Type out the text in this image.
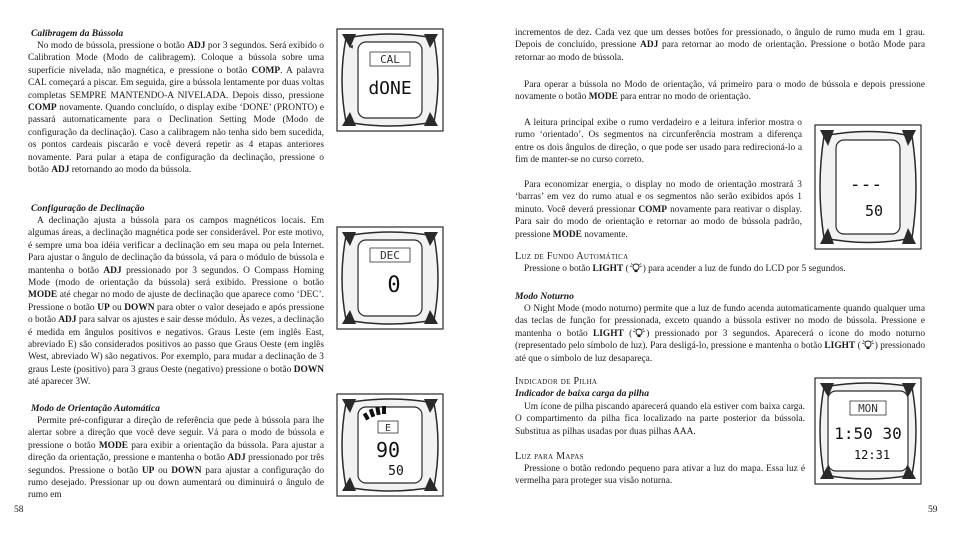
Calibragem da Bússola

No modo de bússola, pressione o botão ADJ por 3 segundos. Será exibido o Calibration Mode (Modo de calibragem). Coloque a bússola sobre uma superfície nivelada, não magnética, e pressione o botão COMP. A palavra CAL começará a piscar. Em seguida, gire a bússola lentamente por duas voltas completas SEMPRE MANTENDO-A NIVELADA. Depois disso, pressione COMP novamente. Quando concluído, o display exibe ‘DONE’ (PRONTO) e passará automaticamente para o Declination Setting Mode (Modo de configuração da declinação). Caso a calibragem não tenha sido bem sucedida, os pontos cardeais piscarão e você deverá repetir as 4 etapas anteriores novamente. Para pular a etapa de configuração da declinação, pressione o botão ADJ retornando ao modo da bússola.

Configuração de Declinação

A declinação ajusta a bússola para os campos magnéticos locais. Em algumas áreas, a declinação magnética pode ser considerável. Por este motivo, é sempre uma boa idéia verificar a declinação em seu mapa ou pela Internet. Para ajustar o ângulo de declinação da bússola, vá para o módulo de bússola e mantenha o botão ADJ pressionado por 3 segundos. O Compass Homing Mode (modo de orientação da bússola) será exibido. Pressione o botão MODE até chegar no modo de ajuste de declinação que aparece como ‘DEC’. Pressione o botão UP ou DOWN para obter o valor desejado e após pressione o botão ADJ para salvar os ajustes e sair desse módulo. Às vezes, a declinação é medida em ângulos positivos e negativos. Graus Leste (em inglês East, abreviado E) são considerados positivos ao passo que Graus Oeste (em inglês West, abreviado W) são negativos. Por exemplo, para mudar a declinação de 3 graus Leste (positivo) para 3 graus Oeste (negativo) pressione o botão DOWN até aparecer 3W.

Modo de Orientação Automática

Permite pré-configurar a direção de referência que pede à bússola para lhe alertar sobre a direção que você deve seguir. Vá para o modo de bússola e pressione o botão MODE para exibir a orientação da bússola. Para ajustar a direção da orientação, pressione e mantenha o botão ADJ pressionado por três segundos. Pressione o botão UP ou DOWN para ajustar a configuração do rumo desejado. Pressionar up ou down aumentará ou diminuirá o ângulo de rumo em

58
CAL
dONE
◀
DEC
0
E
90
50

incrementos de dez. Cada vez que um desses botões for pressionado, o ângulo de rumo muda em 1 grau. Depois de concluído, pressione ADJ para retornar ao modo de orientação. Pressione o botão Mode para retornar ao modo de bússola.

Para operar a bússola no Modo de orientação, vá primeiro para o modo de bússola e depois pressione novamente o botão MODE para entrar no modo de orientação.

A leitura principal exibe o rumo verdadeiro e a leitura inferior mostra o rumo ‘orientado’. Os segmentos na circunferência mostram a diferença entre os dois ângulos de direção, o que pode ser usado para redirecioná-lo a fim de manter-se no curso correto.

Para economizar energia, o display no modo de orientação mostrará 3 ‘barras’ em vez do rumo atual e os segmentos não serão exibidos após 1 minuto. Você deverá pressionar COMP novamente para reativar o display. Para sair do modo de orientação e retornar ao modo de bússola padrão, pressione MODE novamente.

Luz de Fundo Automática

Pressione o botão LIGHT ( ) para acender a luz de fundo do LCD por 5 segundos.

Modo Noturno

O Night Mode (modo noturno) permite que a luz de fundo acenda automaticamente quando qualquer uma das teclas de função for pressionada, exceto quando a bússola estiver no modo de bússola. Pressione e mantenha o botão LIGHT ( ) pressionado por 3 segundos. Aparecerá o ícone do modo noturno (representado pelo símbolo de luz). Para desligá-lo, pressione e mantenha o botão LIGHT ( ) pressionado até que o símbolo de luz desapareça.

Indicador de Pilha
Indicador de baixa carga da pilha

Um ícone de pilha piscando aparecerá quando ela estiver com baixa carga. O compartimento da pilha fica localizado na parte posterior da bússola. Substitua as pilhas usadas por duas pilhas AAA.

Luz para Mapas

Pressione o botão redondo pequeno para ativar a luz do mapa. Essa luz é vermelha para proteger sua visão noturna.

59
---
50
MON
1:50 30
12:31
